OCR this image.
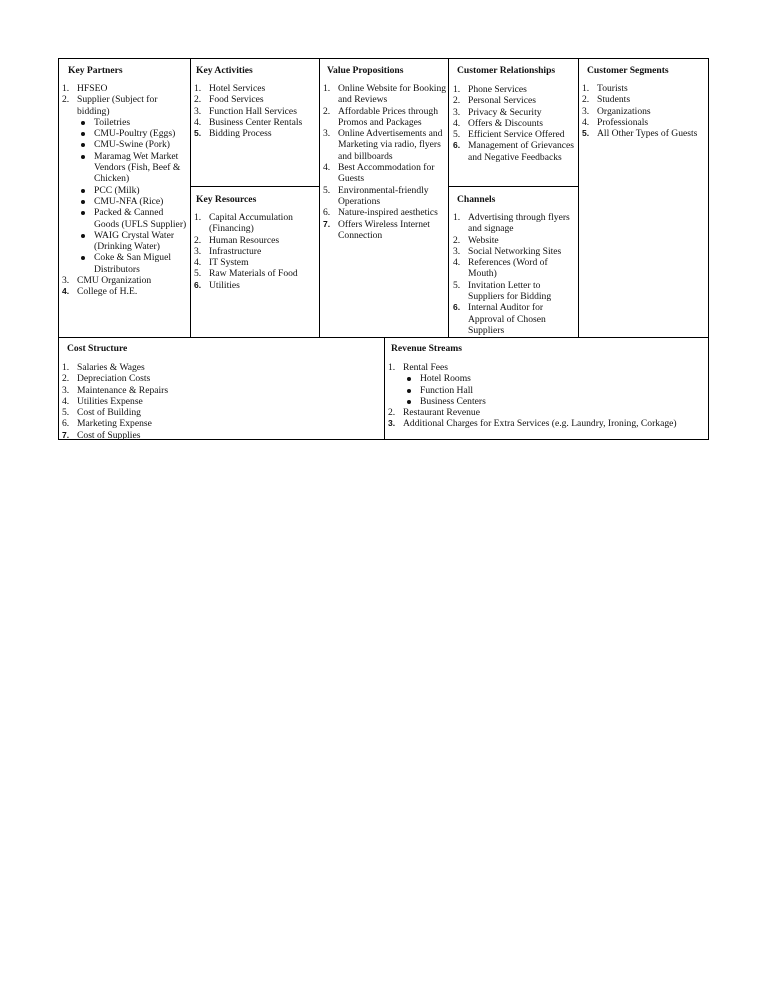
Key Partners
1. HFSEO
2. Supplier (Subject for bidding)
Toiletries
CMU-Poultry (Eggs)
CMU-Swine (Pork)
Maramag Wet Market Vendors (Fish, Beef & Chicken)
PCC (Milk)
CMU-NFA (Rice)
Packed & Canned Goods (UFLS Supplier)
WAIG Crystal Water (Drinking Water)
Coke & San Miguel Distributors
3. CMU Organization
4. College of H.E.
Key Activities
1. Hotel Services
2. Food Services
3. Function Hall Services
4. Business Center Rentals
5. Bidding Process
Key Resources
1. Capital Accumulation (Financing)
2. Human Resources
3. Infrastructure
4. IT System
5. Raw Materials of Food
6. Utilities
Value Propositions
1. Online Website for Booking and Reviews
2. Affordable Prices through Promos and Packages
3. Online Advertisements and Marketing via radio, flyers and billboards
4. Best Accommodation for Guests
5. Environmental-friendly Operations
6. Nature-inspired aesthetics
7. Offers Wireless Internet Connection
Customer Relationships
1. Phone Services
2. Personal Services
3. Privacy & Security
4. Offers & Discounts
5. Efficient Service Offered
6. Management of Grievances and Negative Feedbacks
Channels
1. Advertising through flyers and signage
2. Website
3. Social Networking Sites
4. References (Word of Mouth)
5. Invitation Letter to Suppliers for Bidding
6. Internal Auditor for Approval of Chosen Suppliers
Customer Segments
1. Tourists
2. Students
3. Organizations
4. Professionals
5. All Other Types of Guests
Cost Structure
1. Salaries & Wages
2. Depreciation Costs
3. Maintenance & Repairs
4. Utilities Expense
5. Cost of Building
6. Marketing Expense
7. Cost of Supplies
Revenue Streams
1. Rental Fees
Hotel Rooms
Function Hall
Business Centers
2. Restaurant Revenue
3. Additional Charges for Extra Services (e.g. Laundry, Ironing, Corkage)
